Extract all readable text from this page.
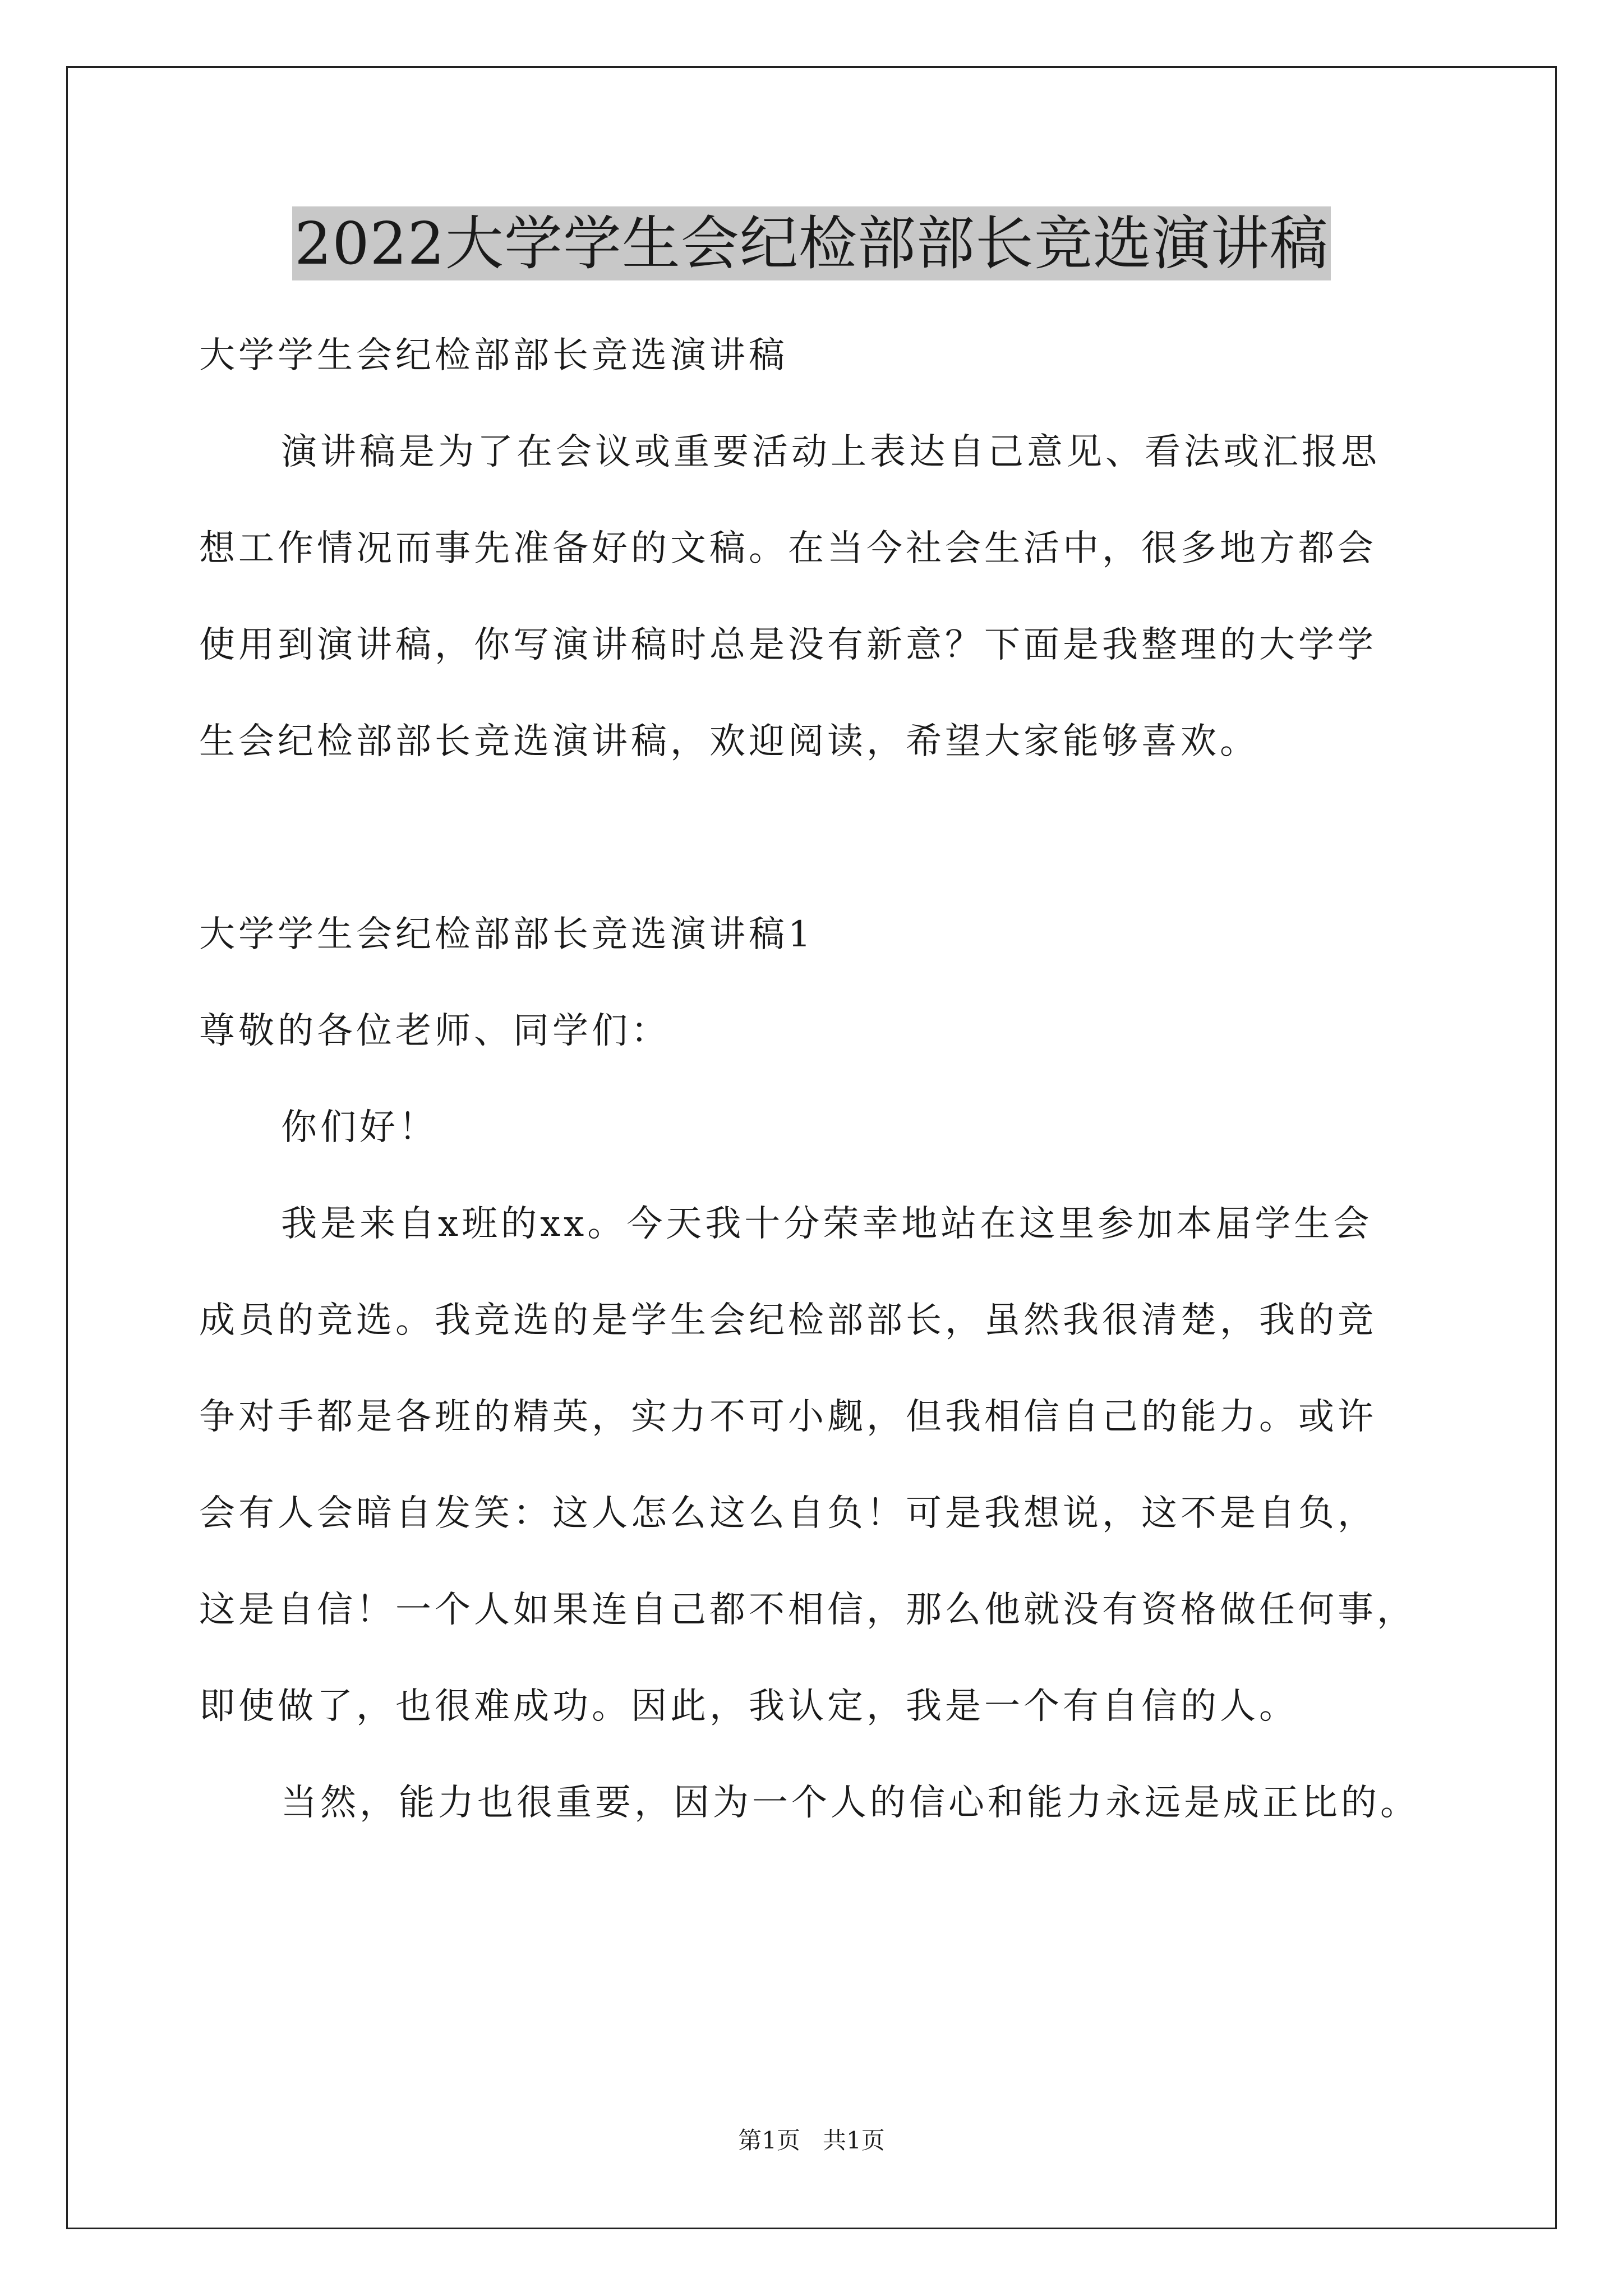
2022大学学生会纪检部部长竞选演讲稿
大学学生会纪检部部长竞选演讲稿
演讲稿是为了在会议或重要活动上表达自己意见、看法或汇报思
想工作情况而事先准备好的文稿。在当今社会生活中，很多地方都会
使用到演讲稿，你写演讲稿时总是没有新意？下面是我整理的大学学
生会纪检部部长竞选演讲稿，欢迎阅读，希望大家能够喜欢。
大学学生会纪检部部长竞选演讲稿1
尊敬的各位老师、同学们：
你们好！
我是来自x班的xx。今天我十分荣幸地站在这里参加本届学生会
成员的竞选。我竞选的是学生会纪检部部长，虽然我很清楚，我的竞
争对手都是各班的精英，实力不可小觑，但我相信自己的能力。或许
会有人会暗自发笑：这人怎么这么自负！可是我想说，这不是自负，
这是自信！一个人如果连自己都不相信，那么他就没有资格做任何事，
即使做了，也很难成功。因此，我认定，我是一个有自信的人。
当然，能力也很重要，因为一个人的信心和能力永远是成正比的。
第1页   共1页
